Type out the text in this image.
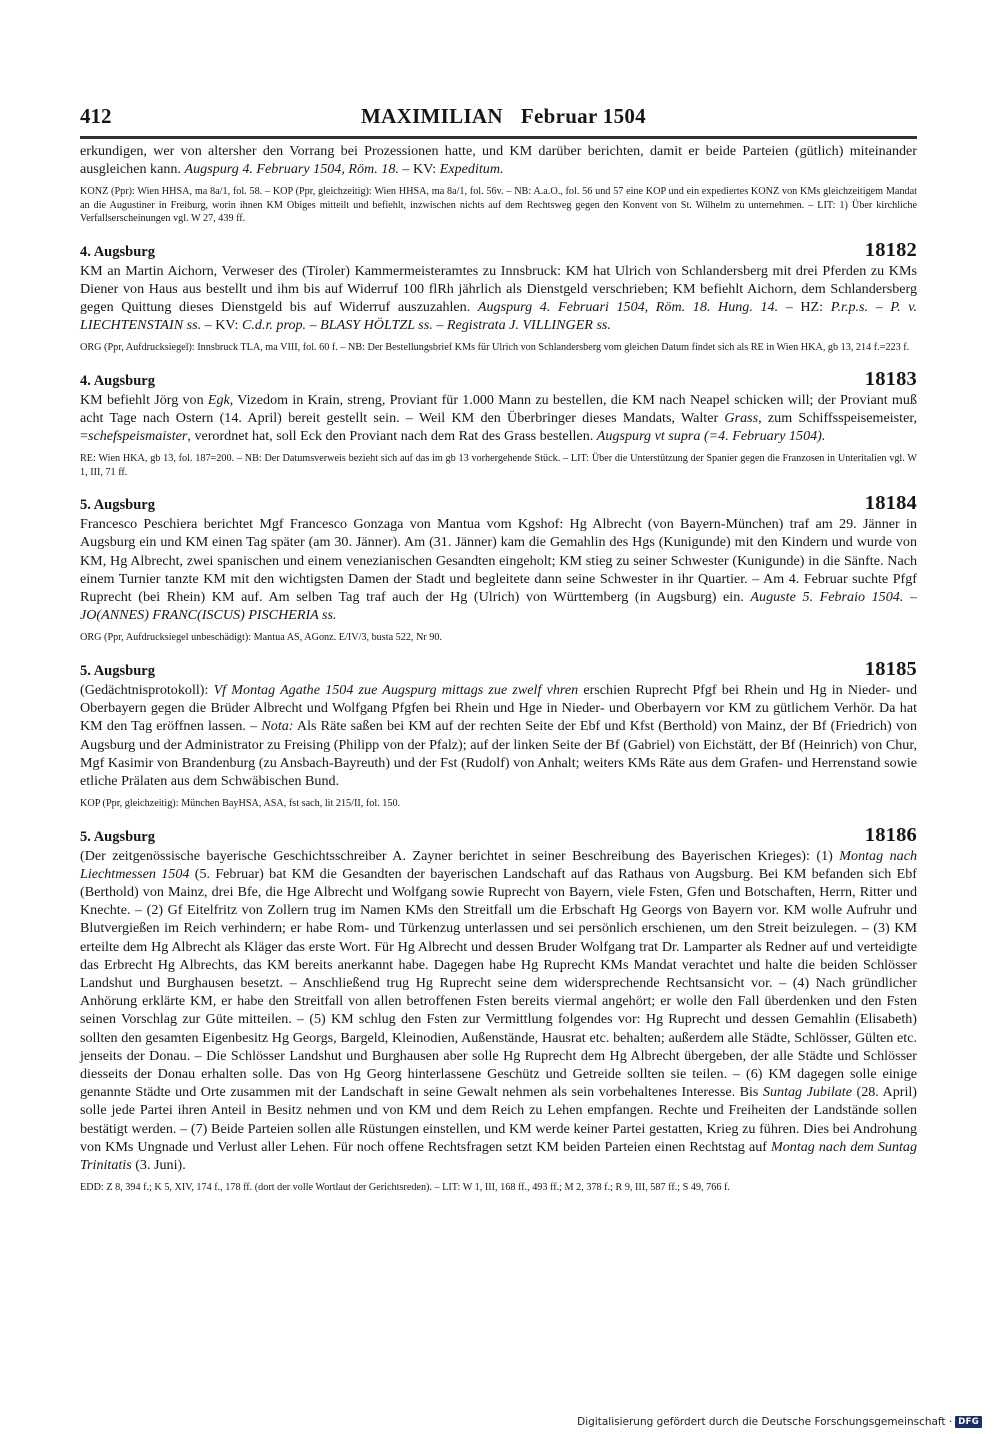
412	MAXIMILIAN Februar 1504
erkundigen, wer von altersher den Vorrang bei Prozessionen hatte, und KM darüber berichten, damit er beide Parteien (gütlich) miteinander ausgleichen kann. Augspurg 4. February 1504, Röm. 18. – KV: Expeditum.
KONZ (Ppr): Wien HHSA, ma 8a/1, fol. 58. – KOP (Ppr, gleichzeitig): Wien HHSA, ma 8a/1, fol. 56v. – NB: A.a.O., fol. 56 und 57 eine KOP und ein expediertes KONZ von KMs gleichzeitigem Mandat an die Augustiner in Freiburg, worin ihnen KM Obiges mitteilt und befiehlt, inzwischen nichts auf dem Rechtsweg gegen den Konvent von St. Wilhelm zu unternehmen. – LIT: 1) Über kirchliche Verfallserscheinungen vgl. W 27, 439 ff.
4. Augsburg	18182
KM an Martin Aichorn, Verweser des (Tiroler) Kammermeisteramtes zu Innsbruck: KM hat Ulrich von Schlandersberg mit drei Pferden zu KMs Diener von Haus aus bestellt und ihm bis auf Widerruf 100 flRh jährlich als Dienstgeld verschrieben; KM befiehlt Aichorn, dem Schlandersberg gegen Quittung dieses Dienstgeld bis auf Widerruf auszuzahlen. Augspurg 4. Februari 1504, Röm. 18. Hung. 14. – HZ: P.r.p.s. – P. v. LIECHTENSTAIN ss. – KV: C.d.r. prop. – BLASY HÖLTZL ss. – Registrata J. VILLINGER ss.
ORG (Ppr, Aufdrucksiegel): Innsbruck TLA, ma VIII, fol. 60 f. – NB: Der Bestellungsbrief KMs für Ulrich von Schlandersberg vom gleichen Datum findet sich als RE in Wien HKA, gb 13, 214 f.=223 f.
4. Augsburg	18183
KM befiehlt Jörg von Egk, Vizedom in Krain, streng, Proviant für 1.000 Mann zu bestellen, die KM nach Neapel schicken will; der Proviant muß acht Tage nach Ostern (14. April) bereit gestellt sein. – Weil KM den Überbringer dieses Mandats, Walter Grass, zum Schiffsspeisemeister, =schefspeismaister, verordnet hat, soll Eck den Proviant nach dem Rat des Grass bestellen. Augspurg vt supra (=4. February 1504).
RE: Wien HKA, gb 13, fol. 187=200. – NB: Der Datumsverweis bezieht sich auf das im gb 13 vorhergehende Stück. – LIT: Über die Unterstützung der Spanier gegen die Franzosen in Unteritalien vgl. W 1, III, 71 ff.
5. Augsburg	18184
Francesco Peschiera berichtet Mgf Francesco Gonzaga von Mantua vom Kgshof: Hg Albrecht (von Bayern-München) traf am 29. Jänner in Augsburg ein und KM einen Tag später (am 30. Jänner). Am (31. Jänner) kam die Gemahlin des Hgs (Kunigunde) mit den Kindern und wurde von KM, Hg Albrecht, zwei spanischen und einem venezianischen Gesandten eingeholt; KM stieg zu seiner Schwester (Kunigunde) in die Sänfte. Nach einem Turnier tanzte KM mit den wichtigsten Damen der Stadt und begleitete dann seine Schwester in ihr Quartier. – Am 4. Februar suchte Pfgf Ruprecht (bei Rhein) KM auf. Am selben Tag traf auch der Hg (Ulrich) von Württemberg (in Augsburg) ein. Auguste 5. Febraio 1504. – JO(ANNES) FRANC(ISCUS) PISCHERIA ss.
ORG (Ppr, Aufdrucksiegel unbeschädigt): Mantua AS, AGonz. E/IV/3, busta 522, Nr 90.
5. Augsburg	18185
(Gedächtnisprotokoll): Vf Montag Agathe 1504 zue Augspurg mittags zue zwelf vhren erschien Ruprecht Pfgf bei Rhein und Hg in Nieder- und Oberbayern gegen die Brüder Albrecht und Wolfgang Pfgfen bei Rhein und Hge in Nieder- und Oberbayern vor KM zu gütlichem Verhör. Da hat KM den Tag eröffnen lassen. – Nota: Als Räte saßen bei KM auf der rechten Seite der Ebf und Kfst (Berthold) von Mainz, der Bf (Friedrich) von Augsburg und der Administrator zu Freising (Philipp von der Pfalz); auf der linken Seite der Bf (Gabriel) von Eichstätt, der Bf (Heinrich) von Chur, Mgf Kasimir von Brandenburg (zu Ansbach-Bayreuth) und der Fst (Rudolf) von Anhalt; weiters KMs Räte aus dem Grafen- und Herrenstand sowie etliche Prälaten aus dem Schwäbischen Bund.
KOP (Ppr, gleichzeitig): München BayHSA, ASA, fst sach, lit 215/II, fol. 150.
5. Augsburg	18186
(Der zeitgenössische bayerische Geschichtsschreiber A. Zayner berichtet in seiner Beschreibung des Bayerischen Krieges): (1) Montag nach Liechtmessen 1504 (5. Februar) bat KM die Gesandten der bayerischen Landschaft auf das Rathaus von Augsburg. Bei KM befanden sich Ebf (Berthold) von Mainz, drei Bfe, die Hge Albrecht und Wolfgang sowie Ruprecht von Bayern, viele Fsten, Gfen und Botschaften, Herrn, Ritter und Knechte. – (2) Gf Eitelfritz von Zollern trug im Namen KMs den Streitfall um die Erbschaft Hg Georgs von Bayern vor. KM wolle Aufruhr und Blutvergießen im Reich verhindern; er habe Rom- und Türkenzug unterlassen und sei persönlich erschienen, um den Streit beizulegen. – (3) KM erteilte dem Hg Albrecht als Kläger das erste Wort. Für Hg Albrecht und dessen Bruder Wolfgang trat Dr. Lamparter als Redner auf und verteidigte das Erbrecht Hg Albrechts, das KM bereits anerkannt habe. Dagegen habe Hg Ruprecht KMs Mandat verachtet und halte die beiden Schlösser Landshut und Burghausen besetzt. – Anschließend trug Hg Ruprecht seine dem widersprechende Rechtsansicht vor. – (4) Nach gründlicher Anhörung erklärte KM, er habe den Streitfall von allen betroffenen Fsten bereits viermal angehört; er wolle den Fall überdenken und den Fsten seinen Vorschlag zur Güte mitteilen. – (5) KM schlug den Fsten zur Vermittlung folgendes vor: Hg Ruprecht und dessen Gemahlin (Elisabeth) sollten den gesamten Eigenbesitz Hg Georgs, Bargeld, Kleinodien, Außenstände, Hausrat etc. behalten; außerdem alle Städte, Schlösser, Gülten etc. jenseits der Donau. – Die Schlösser Landshut und Burghausen aber solle Hg Ruprecht dem Hg Albrecht übergeben, der alle Städte und Schlösser diesseits der Donau erhalten solle. Das von Hg Georg hinterlassene Geschütz und Getreide sollten sie teilen. – (6) KM dagegen solle einige genannte Städte und Orte zusammen mit der Landschaft in seine Gewalt nehmen als sein vorbehaltenes Interesse. Bis Suntag Jubilate (28. April) solle jede Partei ihren Anteil in Besitz nehmen und von KM und dem Reich zu Lehen empfangen. Rechte und Freiheiten der Landstände sollen bestätigt werden. – (7) Beide Parteien sollen alle Rüstungen einstellen, und KM werde keiner Partei gestatten, Krieg zu führen. Dies bei Androhung von KMs Ungnade und Verlust aller Lehen. Für noch offene Rechtsfragen setzt KM beiden Parteien einen Rechtstag auf Montag nach dem Suntag Trinitatis (3. Juni).
EDD: Z 8, 394 f.; K 5, XIV, 174 f., 178 ff. (dort der volle Wortlaut der Gerichtsreden). – LIT: W 1, III, 168 ff., 493 ff.; M 2, 378 f.; R 9, III, 587 ff.; S 49, 766 f.
Digitalisierung gefördert durch die Deutsche Forschungsgemeinschaft · DFG
